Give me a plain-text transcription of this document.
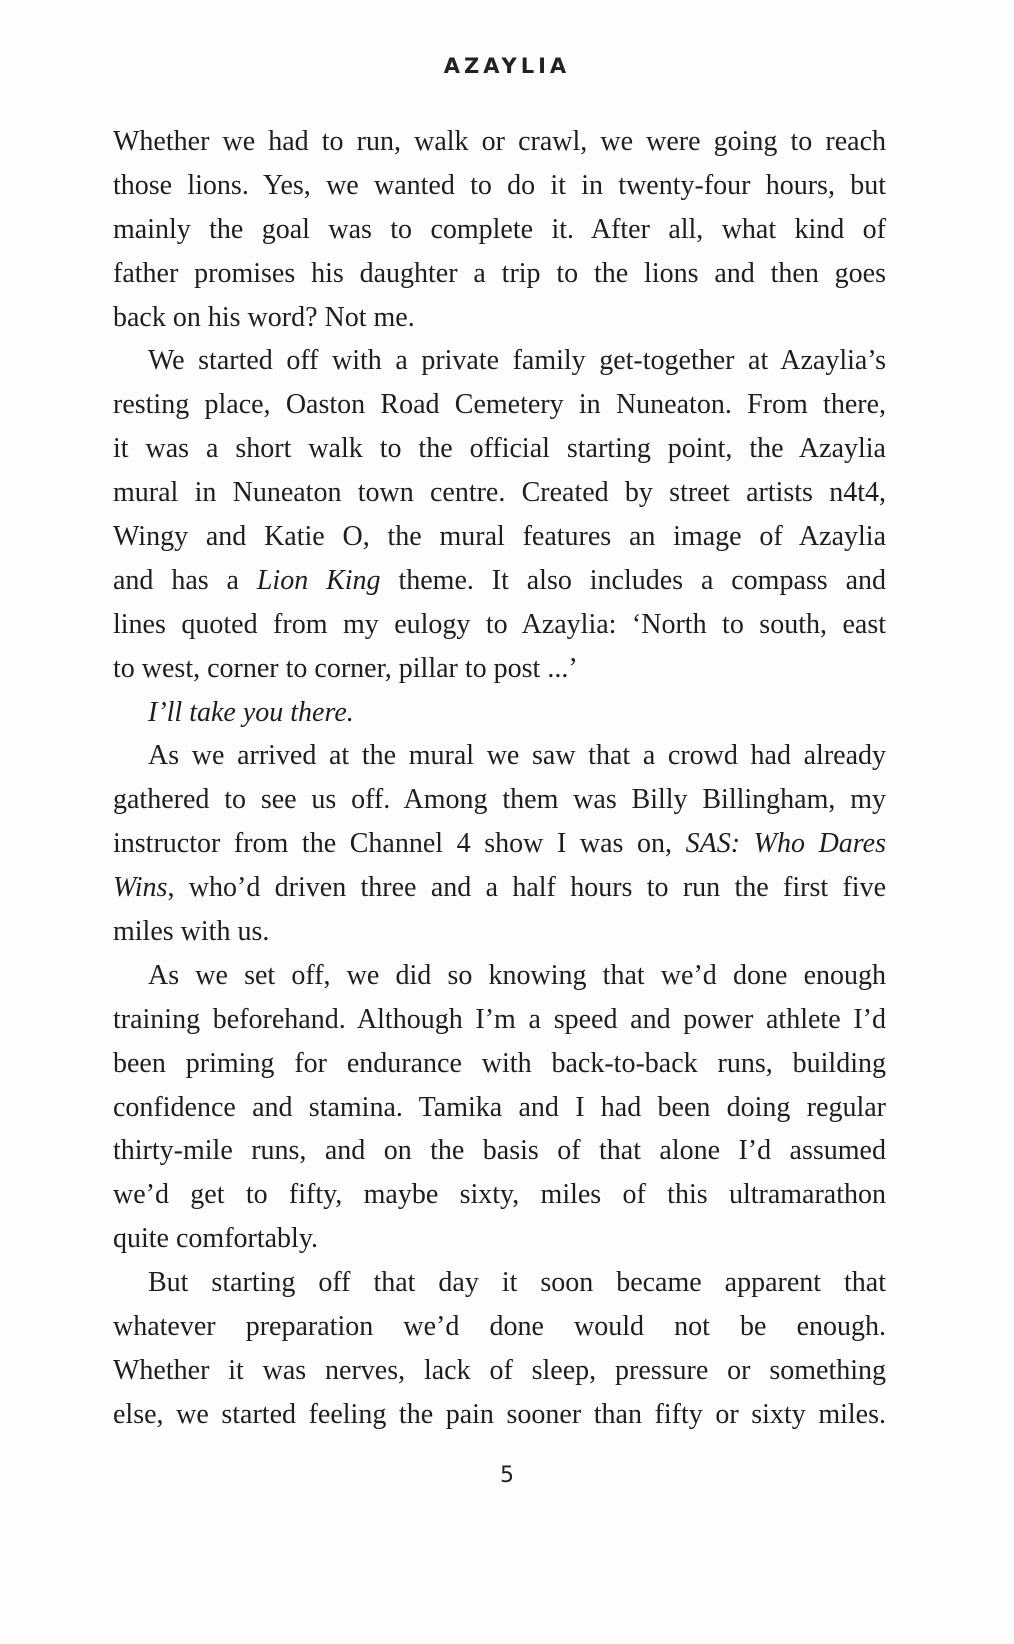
AZAYLIA
Whether we had to run, walk or crawl, we were going to reach
those lions. Yes, we wanted to do it in twenty-four hours, but
mainly the goal was to complete it. After all, what kind of
father promises his daughter a trip to the lions and then goes
back on his word? Not me.
We started off with a private family get-together at Azaylia’s
resting place, Oaston Road Cemetery in Nuneaton. From there,
it was a short walk to the official starting point, the Azaylia
mural in Nuneaton town centre. Created by street artists n4t4,
Wingy and Katie O, the mural features an image of Azaylia
and has a Lion King theme. It also includes a compass and
lines quoted from my eulogy to Azaylia: ‘North to south, east
to west, corner to corner, pillar to post ...’
I’ll take you there.
As we arrived at the mural we saw that a crowd had already
gathered to see us off. Among them was Billy Billingham, my
instructor from the Channel 4 show I was on, SAS: Who Dares
Wins, who’d driven three and a half hours to run the first five
miles with us.
As we set off, we did so knowing that we’d done enough
training beforehand. Although I’m a speed and power athlete I’d
been priming for endurance with back-to-back runs, building
confidence and stamina. Tamika and I had been doing regular
thirty-mile runs, and on the basis of that alone I’d assumed
we’d get to fifty, maybe sixty, miles of this ultramarathon
quite comfortably.
But starting off that day it soon became apparent that
whatever preparation we’d done would not be enough.
Whether it was nerves, lack of sleep, pressure or something
else, we started feeling the pain sooner than fifty or sixty miles.
5
